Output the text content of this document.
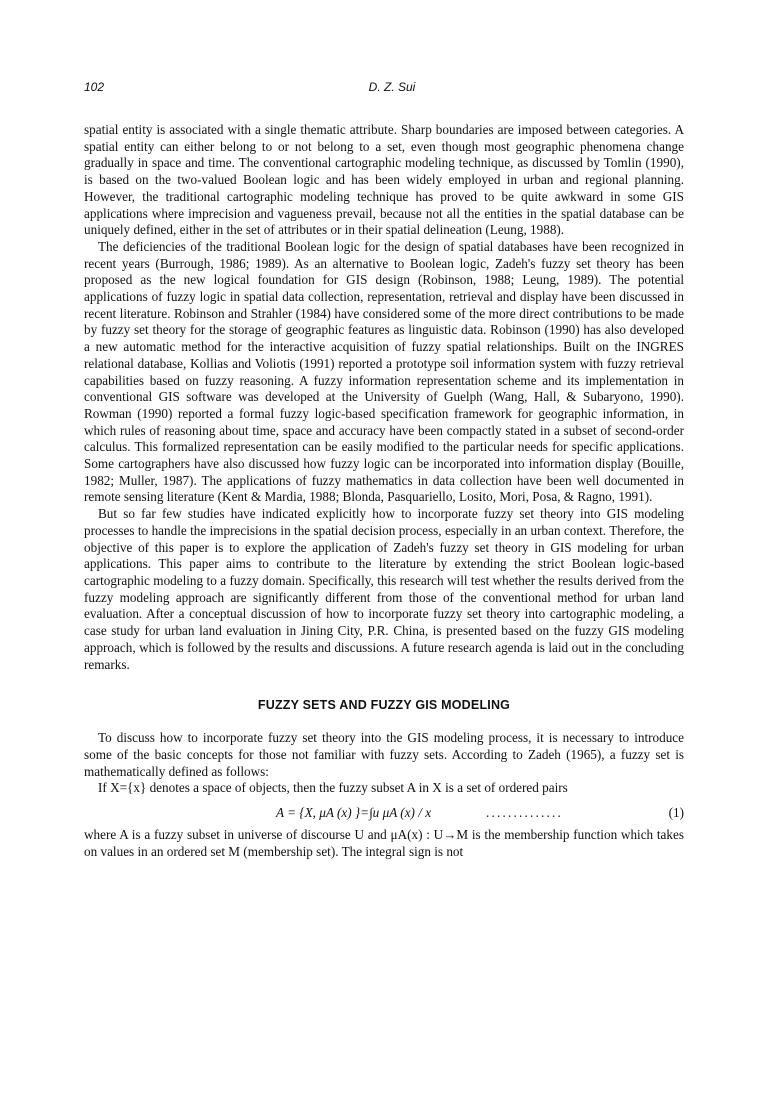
102	D. Z. Sui

spatial entity is associated with a single thematic attribute. Sharp boundaries are imposed between categories. A spatial entity can either belong to or not belong to a set, even though most geographic phenomena change gradually in space and time. The conventional cartographic modeling technique, as discussed by Tomlin (1990), is based on the two-valued Boolean logic and has been widely employed in urban and regional planning. However, the traditional cartographic modeling technique has proved to be quite awkward in some GIS applications where imprecision and vagueness prevail, because not all the entities in the spatial database can be uniquely defined, either in the set of attributes or in their spatial delineation (Leung, 1988).

The deficiencies of the traditional Boolean logic for the design of spatial databases have been recognized in recent years (Burrough, 1986; 1989). As an alternative to Boolean logic, Zadeh's fuzzy set theory has been proposed as the new logical foundation for GIS design (Robinson, 1988; Leung, 1989). The potential applications of fuzzy logic in spatial data collection, representation, retrieval and display have been discussed in recent literature. Robinson and Strahler (1984) have considered some of the more direct contributions to be made by fuzzy set theory for the storage of geographic features as linguistic data. Robinson (1990) has also developed a new automatic method for the interactive acquisition of fuzzy spatial relationships. Built on the INGRES relational database, Kollias and Voliotis (1991) reported a prototype soil information system with fuzzy retrieval capabilities based on fuzzy reasoning. A fuzzy information representation scheme and its implementation in conventional GIS software was developed at the University of Guelph (Wang, Hall, & Subaryono, 1990). Rowman (1990) reported a formal fuzzy logic-based specification framework for geographic information, in which rules of reasoning about time, space and accuracy have been compactly stated in a subset of second-order calculus. This formalized representation can be easily modified to the particular needs for specific applications. Some cartographers have also discussed how fuzzy logic can be incorporated into information display (Bouille, 1982; Muller, 1987). The applications of fuzzy mathematics in data collection have been well documented in remote sensing literature (Kent & Mardia, 1988; Blonda, Pasquariello, Losito, Mori, Posa, & Ragno, 1991).

But so far few studies have indicated explicitly how to incorporate fuzzy set theory into GIS modeling processes to handle the imprecisions in the spatial decision process, especially in an urban context. Therefore, the objective of this paper is to explore the application of Zadeh's fuzzy set theory in GIS modeling for urban applications. This paper aims to contribute to the literature by extending the strict Boolean logic-based cartographic modeling to a fuzzy domain. Specifically, this research will test whether the results derived from the fuzzy modeling approach are significantly different from those of the conventional method for urban land evaluation. After a conceptual discussion of how to incorporate fuzzy set theory into cartographic modeling, a case study for urban land evaluation in Jining City, P.R. China, is presented based on the fuzzy GIS modeling approach, which is followed by the results and discussions. A future research agenda is laid out in the concluding remarks.

FUZZY SETS AND FUZZY GIS MODELING

To discuss how to incorporate fuzzy set theory into the GIS modeling process, it is necessary to introduce some of the basic concepts for those not familiar with fuzzy sets. According to Zadeh (1965), a fuzzy set is mathematically defined as follows:

If X={x} denotes a space of objects, then the fuzzy subset A in X is a set of ordered pairs

A = {X, μA (x) }=∫u μA (x) / x	..............	(1)

where A is a fuzzy subset in universe of discourse U and μA(x) : U→M is the membership function which takes on values in an ordered set M (membership set). The integral sign is not
